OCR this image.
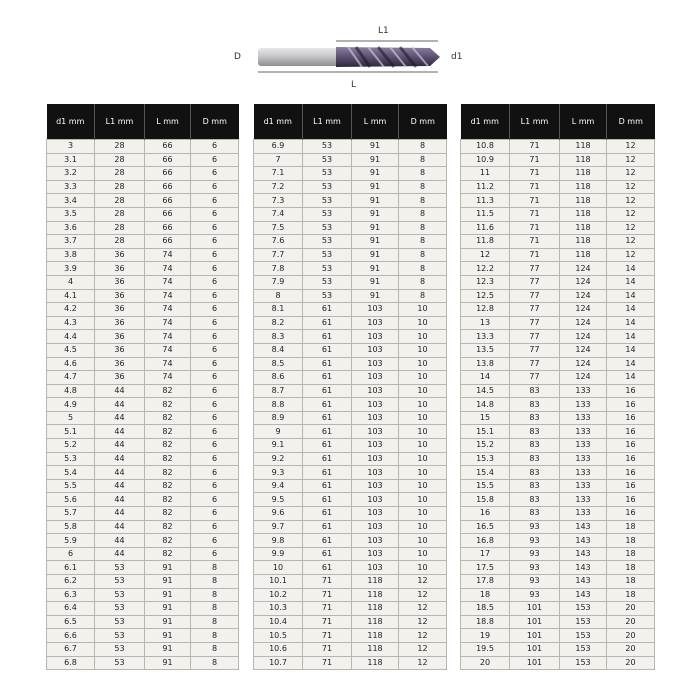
L1
D	d1
L
d1 mm	L1 mm	L mm	D mm
3	28	66	6
3.1	28	66	6
3.2	28	66	6
3.3	28	66	6
3.4	28	66	6
3.5	28	66	6
3.6	28	66	6
3.7	28	66	6
3.8	36	74	6
3.9	36	74	6
4	36	74	6
4.1	36	74	6
4.2	36	74	6
4.3	36	74	6
4.4	36	74	6
4.5	36	74	6
4.6	36	74	6
4.7	36	74	6
4.8	44	82	6
4.9	44	82	6
5	44	82	6
5.1	44	82	6
5.2	44	82	6
5.3	44	82	6
5.4	44	82	6
5.5	44	82	6
5.6	44	82	6
5.7	44	82	6
5.8	44	82	6
5.9	44	82	6
6	44	82	6
6.1	53	91	8
6.2	53	91	8
6.3	53	91	8
6.4	53	91	8
6.5	53	91	8
6.6	53	91	8
6.7	53	91	8
6.8	53	91	8
d1 mm	L1 mm	L mm	D mm
6.9	53	91	8
7	53	91	8
7.1	53	91	8
7.2	53	91	8
7.3	53	91	8
7.4	53	91	8
7.5	53	91	8
7.6	53	91	8
7.7	53	91	8
7.8	53	91	8
7.9	53	91	8
8	53	91	8
8.1	61	103	10
8.2	61	103	10
8.3	61	103	10
8.4	61	103	10
8.5	61	103	10
8.6	61	103	10
8.7	61	103	10
8.8	61	103	10
8.9	61	103	10
9	61	103	10
9.1	61	103	10
9.2	61	103	10
9.3	61	103	10
9.4	61	103	10
9.5	61	103	10
9.6	61	103	10
9.7	61	103	10
9.8	61	103	10
9.9	61	103	10
10	61	103	10
10.1	71	118	12
10.2	71	118	12
10.3	71	118	12
10.4	71	118	12
10.5	71	118	12
10.6	71	118	12
10.7	71	118	12
d1 mm	L1 mm	L mm	D mm
10.8	71	118	12
10.9	71	118	12
11	71	118	12
11.2	71	118	12
11.3	71	118	12
11.5	71	118	12
11.6	71	118	12
11.8	71	118	12
12	71	118	12
12.2	77	124	14
12.3	77	124	14
12.5	77	124	14
12.8	77	124	14
13	77	124	14
13.3	77	124	14
13.5	77	124	14
13.8	77	124	14
14	77	124	14
14.5	83	133	16
14.8	83	133	16
15	83	133	16
15.1	83	133	16
15.2	83	133	16
15.3	83	133	16
15.4	83	133	16
15.5	83	133	16
15.8	83	133	16
16	83	133	16
16.5	93	143	18
16.8	93	143	18
17	93	143	18
17.5	93	143	18
17.8	93	143	18
18	93	143	18
18.5	101	153	20
18.8	101	153	20
19	101	153	20
19.5	101	153	20
20	101	153	20
